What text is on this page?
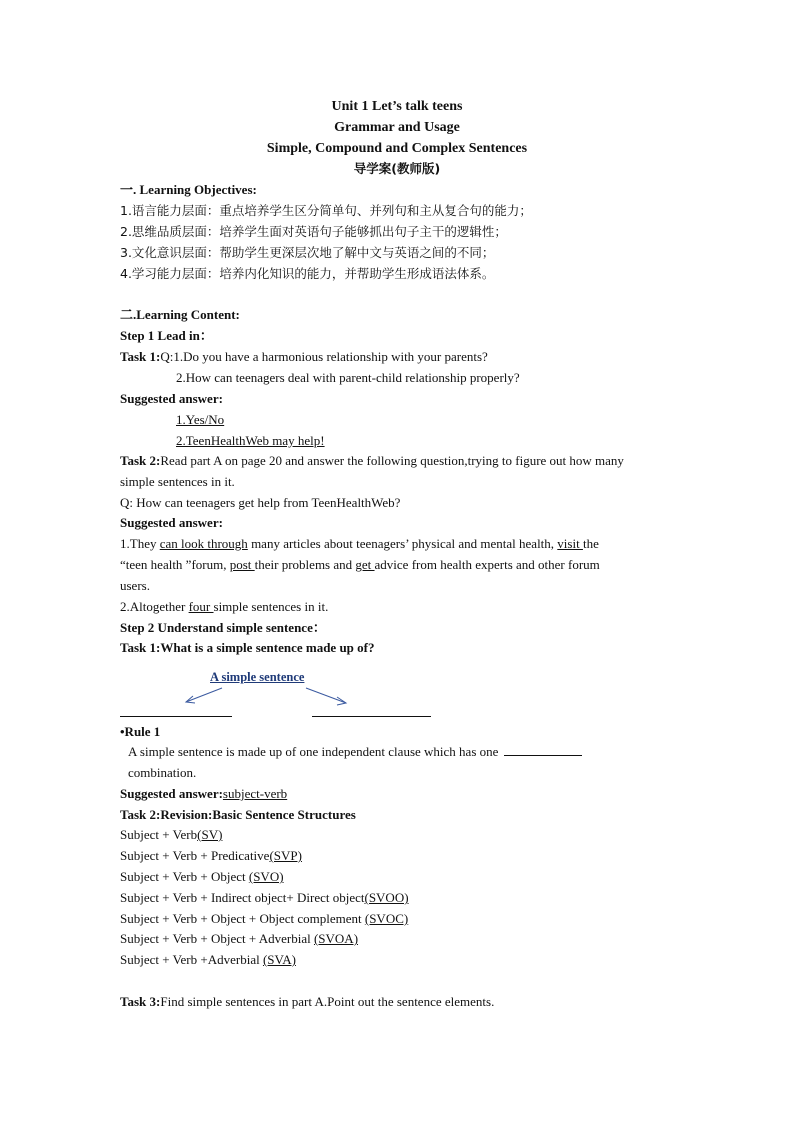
Unit 1 Let’s talk teens
Grammar and Usage
Simple, Compound and Complex Sentences
导学案(教师版)
一. Learning Objectives:
1.语言能力层面：重点培养学生区分简单句、并列句和主从复合句的能力；
2.思维品质层面：培养学生面对英语句子能够抓出句子主干的逻辑性；
3.文化意识层面：帮助学生更深层次地了解中文与英语之间的不同；
4.学习能力层面：培养内化知识的能力，并帮助学生形成语法体系。
二.Learning Content:
Step 1 Lead in：
Task 1:Q:1.Do you have a harmonious relationship with your parents?
2.How can teenagers deal with parent-child relationship properly?
Suggested answer:
1.Yes/No
2.TeenHealthWeb may help!
Task 2:Read part A on page 20 and answer the following question,trying to figure out how many
simple sentences in it.
Q: How can teenagers get help from TeenHealthWeb?
Suggested answer:
1.They can look through many articles about teenagers’ physical and mental health, visit the
“teen health ”forum, post their problems and get advice from health experts and other forum
users.
2.Altogether four simple sentences in it.
Step 2 Understand simple sentence：
Task 1:What is a simple sentence made up of?
A simple sentence
•Rule 1
A simple sentence is made up of one independent clause which has one
combination.
Suggested answer:subject-verb
Task 2:Revision:Basic Sentence Structures
Subject + Verb(SV)
Subject + Verb + Predicative(SVP)
Subject + Verb + Object (SVO)
Subject + Verb + Indirect object+ Direct object(SVOO)
Subject + Verb + Object + Object complement (SVOC)
Subject + Verb + Object + Adverbial (SVOA)
Subject + Verb +Adverbial (SVA)
Task 3:Find simple sentences in part A.Point out the sentence elements.
